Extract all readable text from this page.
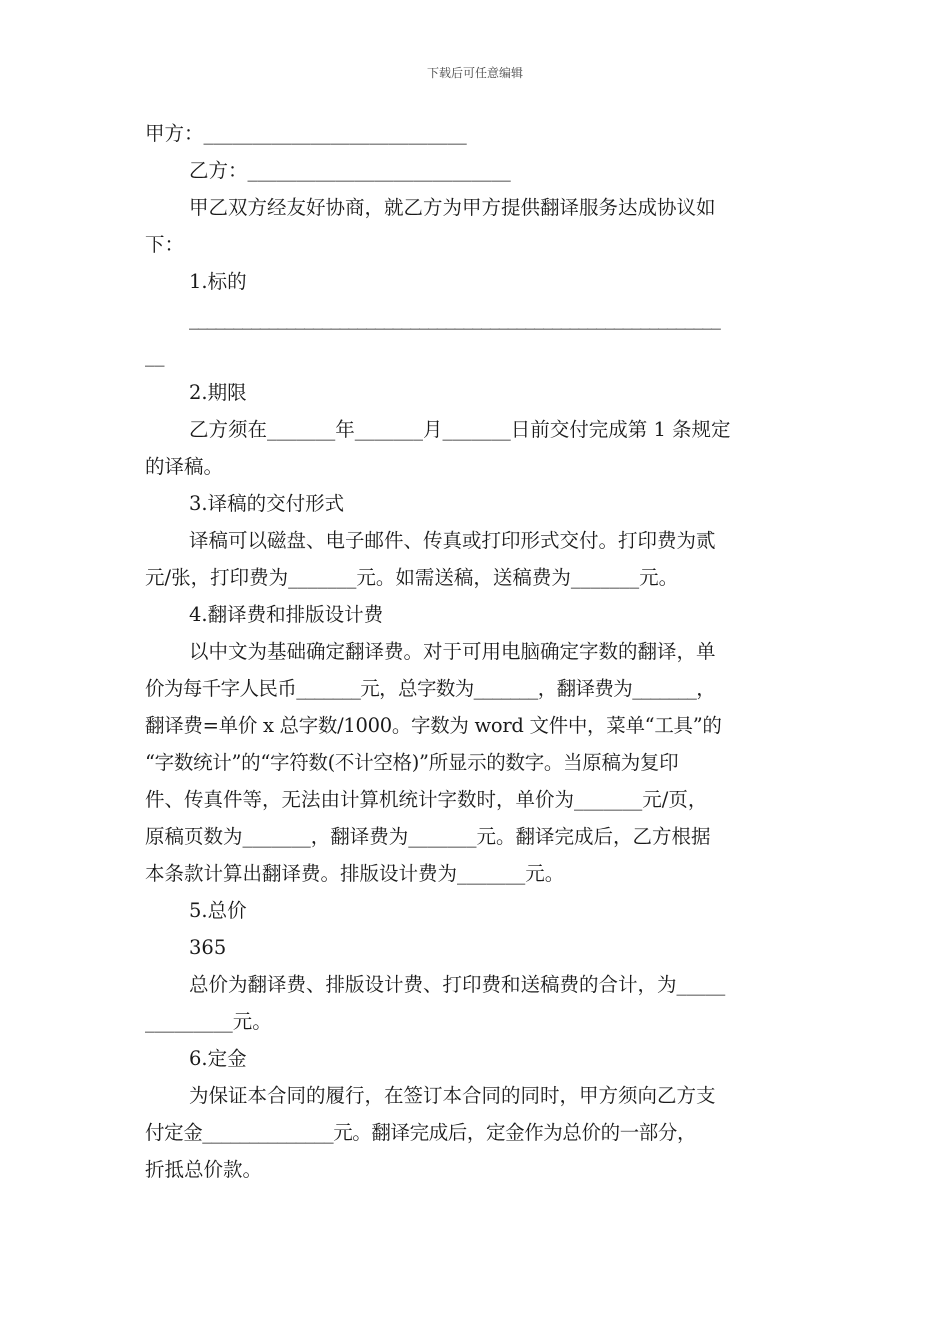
下载后可任意编辑
甲方：___________________________
乙方：___________________________
甲乙双方经友好协商，就乙方为甲方提供翻译服务达成协议如
下：
1.标的
____________________________________________________________
__
2.期限
乙方须在_______年_______月_______日前交付完成第 1 条规定
的译稿。
3.译稿的交付形式
译稿可以磁盘、电子邮件、传真或打印形式交付。打印费为贰
元/张，打印费为_______元。如需送稿，送稿费为_______元。
4.翻译费和排版设计费
以中文为基础确定翻译费。对于可用电脑确定字数的翻译，单
价为每千字人民币_______元，总字数为_______，翻译费为_______，
翻译费=单价 x 总字数/1000。字数为 word 文件中，菜单“工具”的
“字数统计”的“字符数(不计空格)”所显示的数字。当原稿为复印
件、传真件等，无法由计算机统计字数时，单价为_______元/页，
原稿页数为_______，翻译费为_______元。翻译完成后，乙方根据
本条款计算出翻译费。排版设计费为_______元。
5.总价
365
总价为翻译费、排版设计费、打印费和送稿费的合计，为_____
_________元。
6.定金
为保证本合同的履行，在签订本合同的同时，甲方须向乙方支
付定金______________元。翻译完成后，定金作为总价的一部分，
折抵总价款。
